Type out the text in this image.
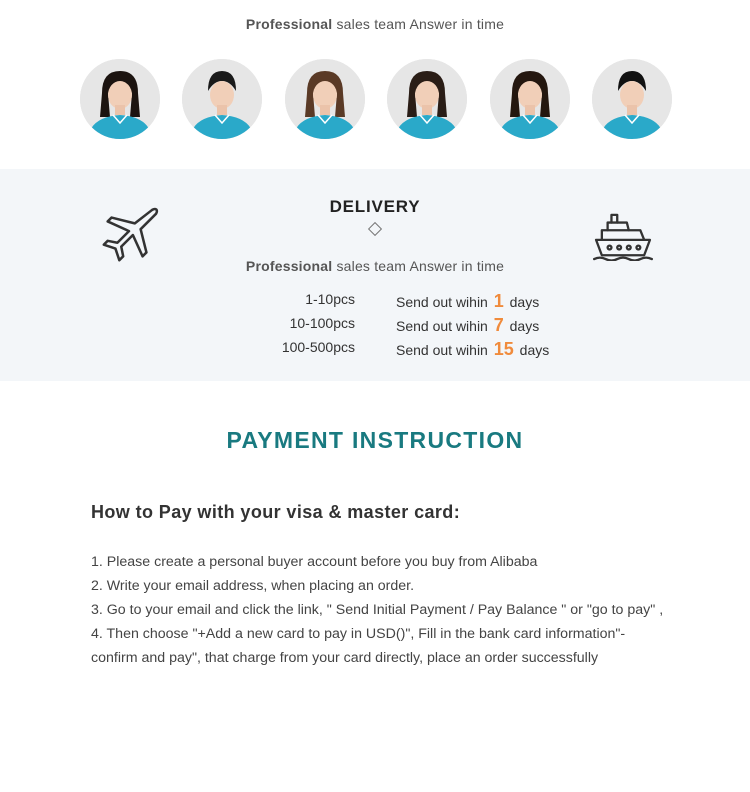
Professional sales team Answer in time
DELIVERY
Professional sales team Answer in time
1-10pcs	Send out wihin 1 days
10-100pcs	Send out wihin 7 days
100-500pcs	Send out wihin 15 days
PAYMENT INSTRUCTION
How to Pay with your visa & master card:

1. Please create a personal buyer account before you buy from Alibaba

2. Write your email address, when placing an order.

3. Go to your email and click the link, " Send Initial Payment / Pay Balance " or "go to pay" ,

4. Then choose "+Add a new card to pay in USD()", Fill in the bank card information"-confirm and pay", that charge from your card directly, place an order successfully
